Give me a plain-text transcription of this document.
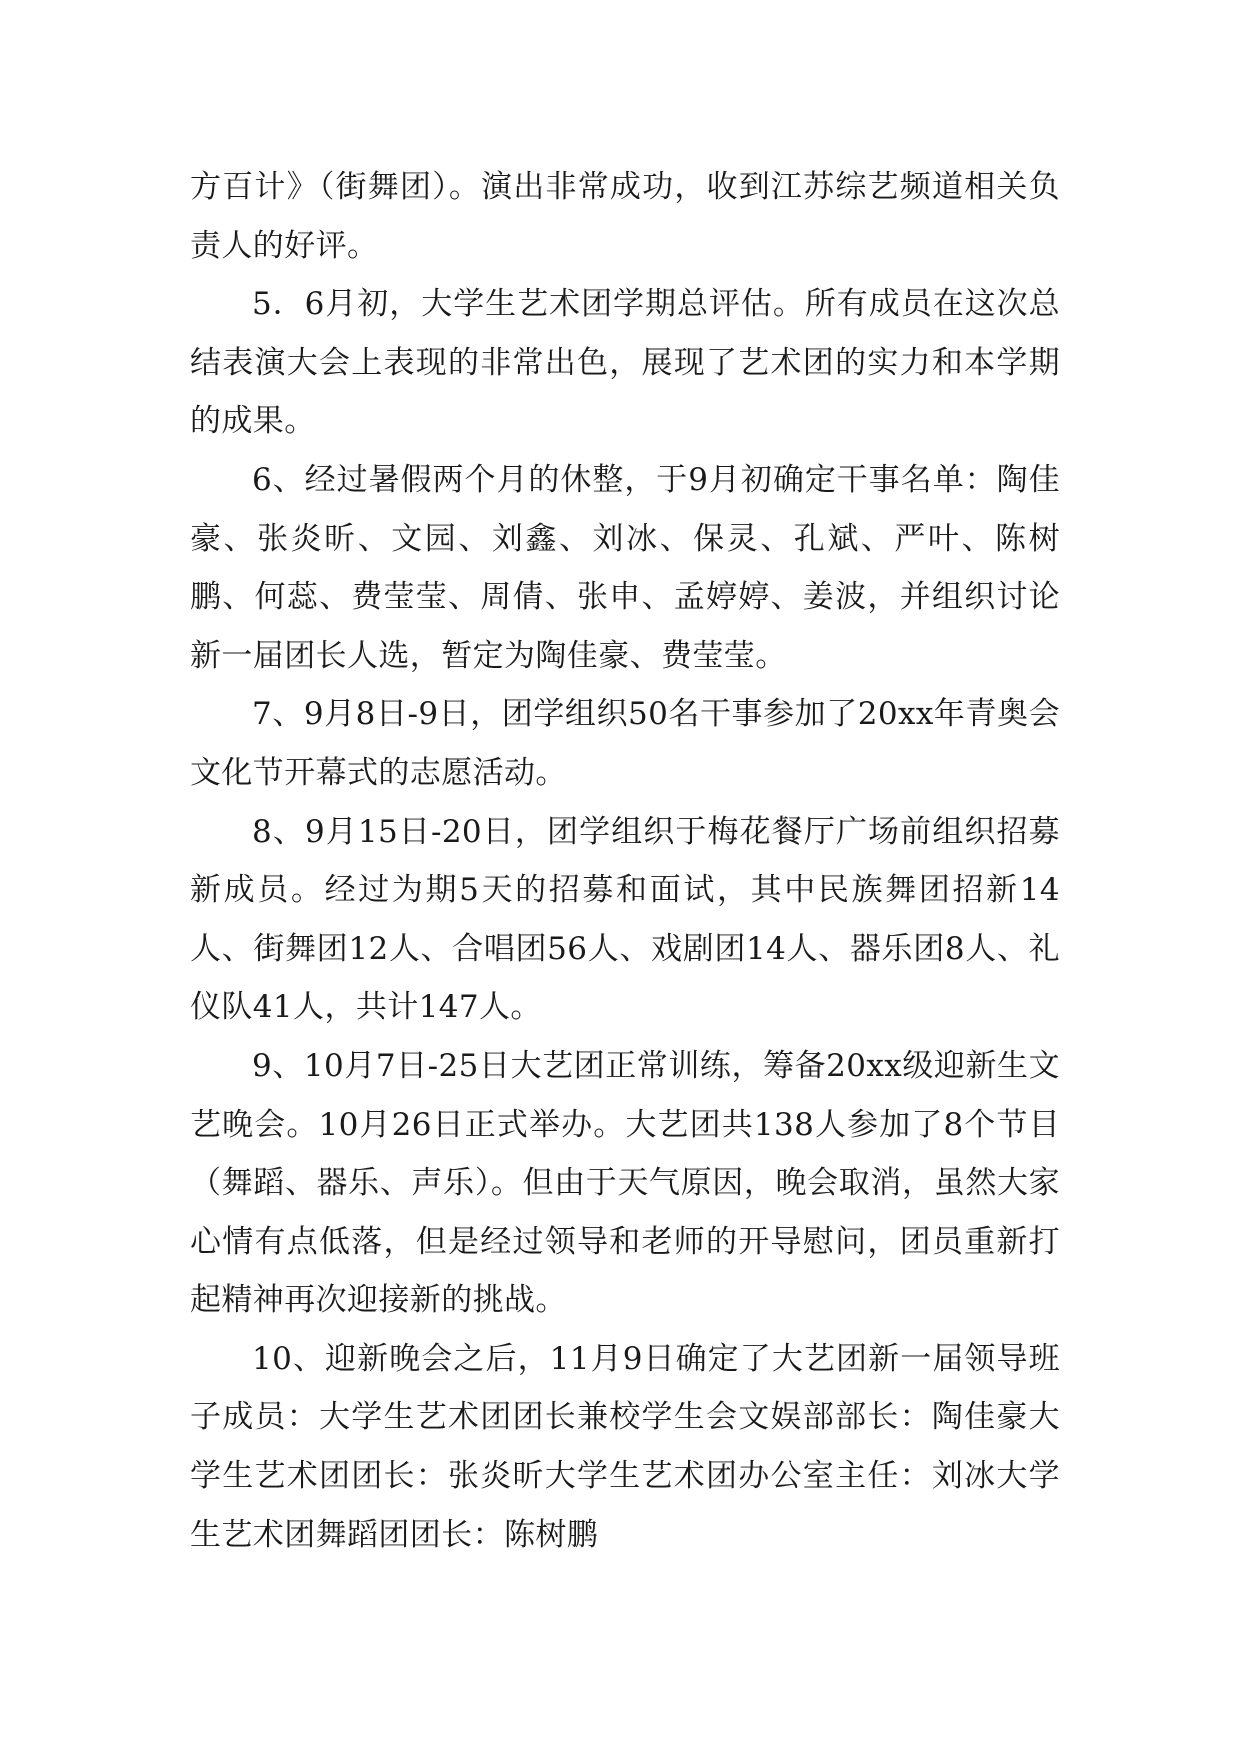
方百计》（街舞团）。演出非常成功，收到江苏综艺频道相关负责人的好评。

5．6月初，大学生艺术团学期总评估。所有成员在这次总结表演大会上表现的非常出色，展现了艺术团的实力和本学期的成果。

6、经过暑假两个月的休整，于9月初确定干事名单：陶佳豪、张炎昕、文园、刘鑫、刘冰、保灵、孔斌、严叶、陈树鹏、何蕊、费莹莹、周倩、张申、孟婷婷、姜波，并组织讨论新一届团长人选，暂定为陶佳豪、费莹莹。

7、9月8日-9日，团学组织50名干事参加了20xx年青奥会文化节开幕式的志愿活动。

8、9月15日-20日，团学组织于梅花餐厅广场前组织招募新成员。经过为期5天的招募和面试，其中民族舞团招新14人、街舞团12人、合唱团56人、戏剧团14人、器乐团8人、礼仪队41人，共计147人。

9、10月7日-25日大艺团正常训练，筹备20xx级迎新生文艺晚会。10月26日正式举办。大艺团共138人参加了8个节目（舞蹈、器乐、声乐）。但由于天气原因，晚会取消，虽然大家心情有点低落，但是经过领导和老师的开导慰问，团员重新打起精神再次迎接新的挑战。

10、迎新晚会之后，11月9日确定了大艺团新一届领导班子成员：大学生艺术团团长兼校学生会文娱部部长：陶佳豪大学生艺术团团长：张炎昕大学生艺术团办公室主任：刘冰大学生艺术团舞蹈团团长：陈树鹏
